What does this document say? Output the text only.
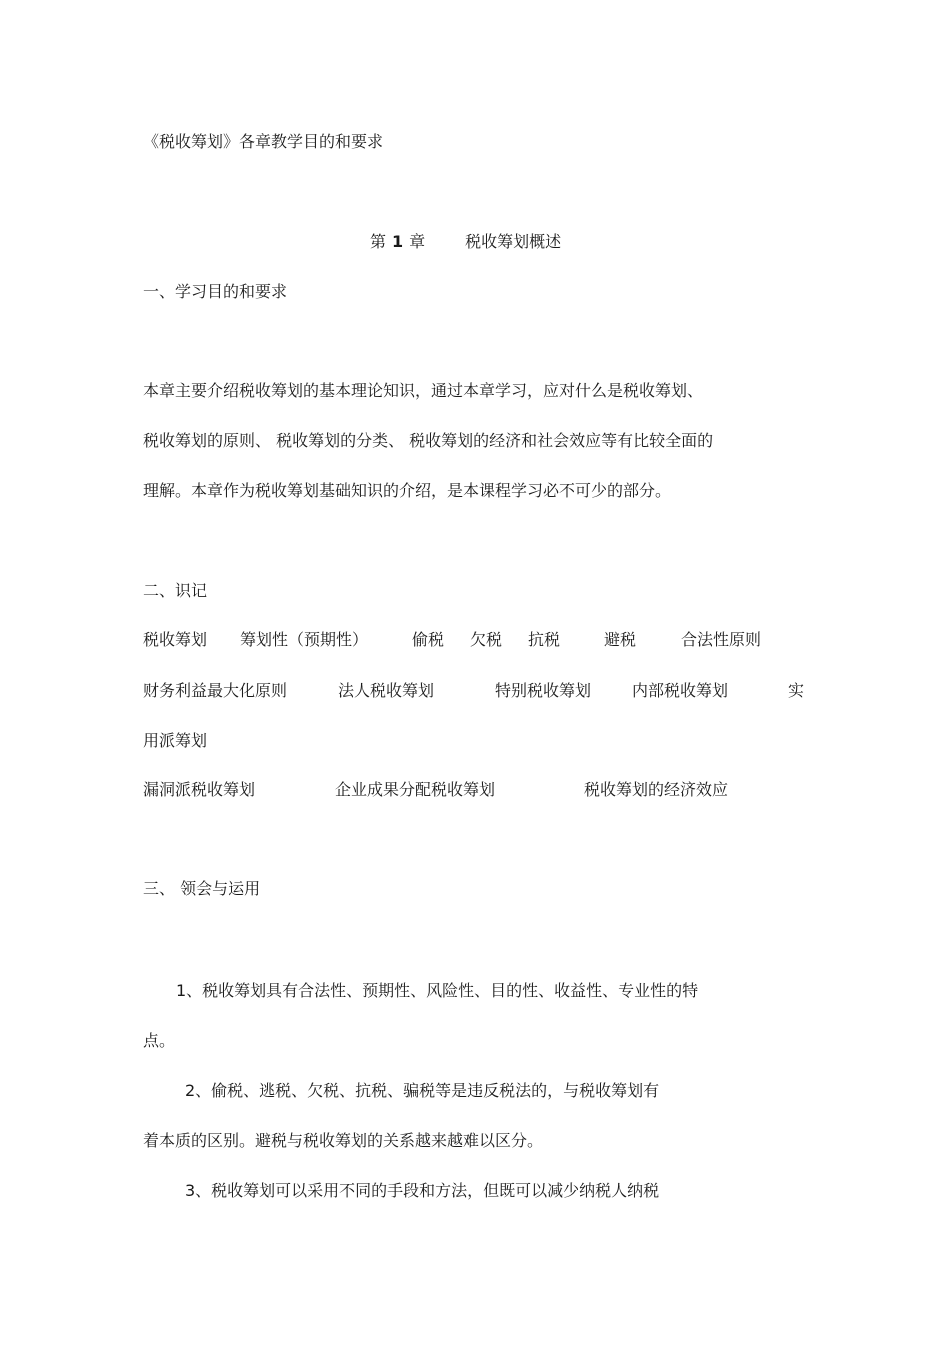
《税收筹划》各章教学目的和要求
第 1 章	税收筹划概述
一、学习目的和要求
本章主要介绍税收筹划的基本理论知识，通过本章学习，应对什么是税收筹划、
税收筹划的原则、 税收筹划的分类、 税收筹划的经济和社会效应等有比较全面的
理解。本章作为税收筹划基础知识的介绍，是本课程学习必不可少的部分。
二、识记
税收筹划 筹划性（预期性）	偷税 欠税 抗税	避税	合法性原则
财务利益最大化原则	法人税收筹划	特别税收筹划	内部税收筹划	实
用派筹划
漏洞派税收筹划	企业成果分配税收筹划	税收筹划的经济效应
三、 领会与运用
1、税收筹划具有合法性、预期性、风险性、目的性、收益性、专业性的特
点。
2、偷税、逃税、欠税、抗税、骗税等是违反税法的，与税收筹划有
着本质的区别。避税与税收筹划的关系越来越难以区分。
3、税收筹划可以采用不同的手段和方法，但既可以减少纳税人纳税
